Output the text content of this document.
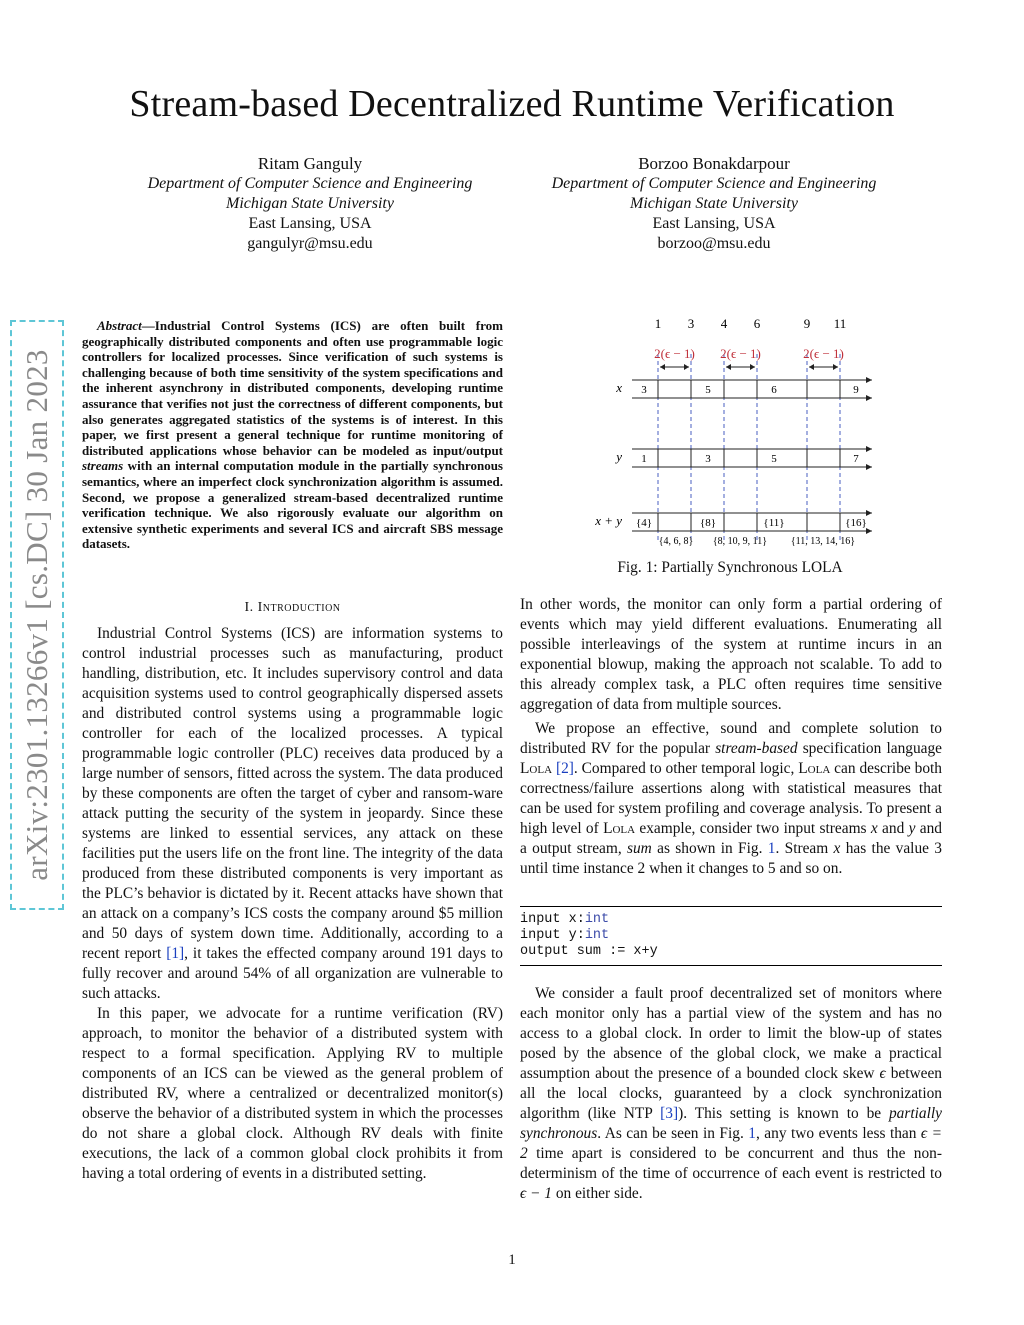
Stream-based Decentralized Runtime Verification
Ritam Ganguly
Department of Computer Science and Engineering
Michigan State University
East Lansing, USA
gangulyr@msu.edu
Borzoo Bonakdarpour
Department of Computer Science and Engineering
Michigan State University
East Lansing, USA
borzoo@msu.edu
arXiv:2301.13266v1 [cs.DC] 30 Jan 2023
Abstract—Industrial Control Systems (ICS) are often built from geographically distributed components and often use programmable logic controllers for localized processes. Since verification of such systems is challenging because of both time sensitivity of the system specifications and the inherent asynchrony in distributed components, developing runtime assurance that verifies not just the correctness of different components, but also generates aggregated statistics of the systems is of interest. In this paper, we first present a general technique for runtime monitoring of distributed applications whose behavior can be modeled as input/output streams with an internal computation module in the partially synchronous semantics, where an imperfect clock synchronization algorithm is assumed. Second, we propose a generalized stream-based decentralized runtime verification technique. We also rigorously evaluate our algorithm on extensive synthetic experiments and several ICS and aircraft SBS message datasets.
I. Introduction

Industrial Control Systems (ICS) are information systems to control industrial processes such as manufacturing, product handling, distribution, etc. It includes supervisory control and data acquisition systems used to control geographically dispersed assets and distributed control systems using a programmable logic controller for each of the localized processes. A typical programmable logic controller (PLC) receives data produced by a large number of sensors, fitted across the system. The data produced by these components are often the target of cyber and ransom-ware attack putting the security of the system in jeopardy. Since these systems are linked to essential services, any attack on these facilities put the users life on the front line. The integrity of the data produced from these distributed components is very important as the PLC’s behavior is dictated by it. Recent attacks have shown that an attack on a company’s ICS costs the company around $5 million and 50 days of system down time. Additionally, according to a recent report [1], it takes the effected company around 191 days to fully recover and around 54% of all organization are vulnerable to such attacks.

In this paper, we advocate for a runtime verification (RV) approach, to monitor the behavior of a distributed system with respect to a formal specification. Applying RV to multiple components of an ICS can be viewed as the general problem of distributed RV, where a centralized or decentralized monitor(s) observe the behavior of a distributed system in which the processes do not share a global clock. Although RV deals with finite executions, the lack of a common global clock prohibits it from having a total ordering of events in a distributed setting.

1 3 4 6	9 11
2(ϵ − 1) 2(ϵ − 1)	2(ϵ − 1)
x 3	5	6	9
y 1	3	5	7
x + y {4}	{8}	{11}	{16}
{4, 6, 8} {8, 10, 9, 11} {11, 13, 14, 16}
Fig. 1: Partially Synchronous LOLA

In other words, the monitor can only form a partial ordering of events which may yield different evaluations. Enumerating all possible interleavings of the system at runtime incurs in an exponential blowup, making the approach not scalable. To add to this already complex task, a PLC often requires time sensitive aggregation of data from multiple sources.

We propose an effective, sound and complete solution to distributed RV for the popular stream-based specification language Lola [2]. Compared to other temporal logic, Lola can describe both correctness/failure assertions along with statistical measures that can be used for system profiling and coverage analysis. To present a high level of Lola example, consider two input streams x and y and a output stream, sum as shown in Fig. 1. Stream x has the value 3 until time instance 2 when it changes to 5 and so on.

input x:int
input y:int
output sum := x+y

We consider a fault proof decentralized set of monitors where each monitor only has a partial view of the system and has no access to a global clock. In order to limit the blow-up of states posed by the absence of the global clock, we make a practical assumption about the presence of a bounded clock skew ϵ between all the local clocks, guaranteed by a clock synchronization algorithm (like NTP [3]). This setting is known to be partially synchronous. As can be seen in Fig. 1, any two events less than ϵ = 2 time apart is considered to be concurrent and thus the non-determinism of the time of occurrence of each event is restricted to ϵ − 1 on either side.

1
